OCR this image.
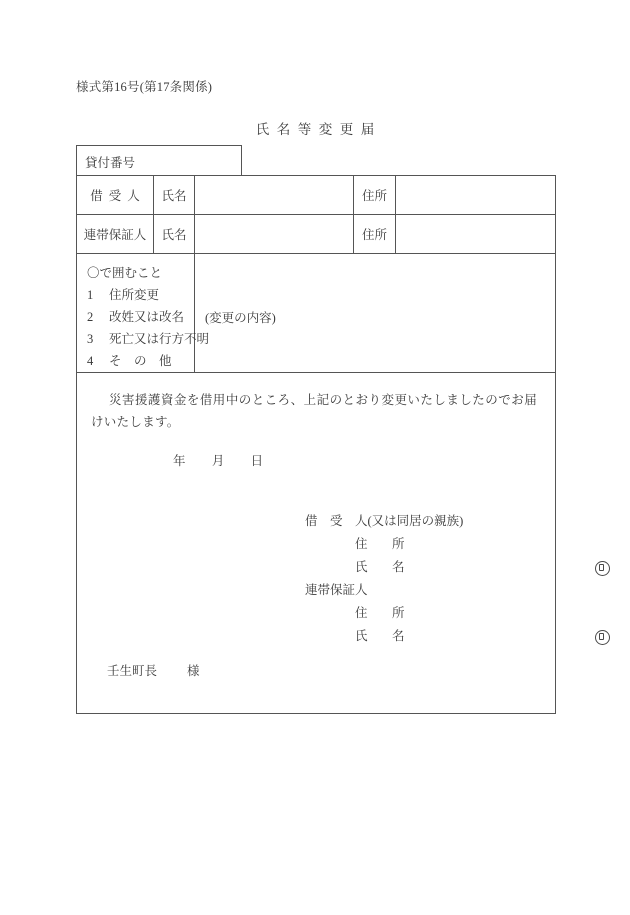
様式第16号(第17条関係)
氏名等変更届
貸付番号
借受人	氏名		住所	
連帯保証人	氏名		住所	

〇で囲むこと
1 住所変更
2 改姓又は改名
3 死亡又は行方不明
4 そ　の　他		(変更の内容)		

災害援護資金を借用中のところ、上記のとおり変更いたしましたのでお届けいたします。
年 月 日
借　受　人(又は同居の親族)
住　所
氏　名
連帯保証人
住　所
氏　名
壬生町長 様
